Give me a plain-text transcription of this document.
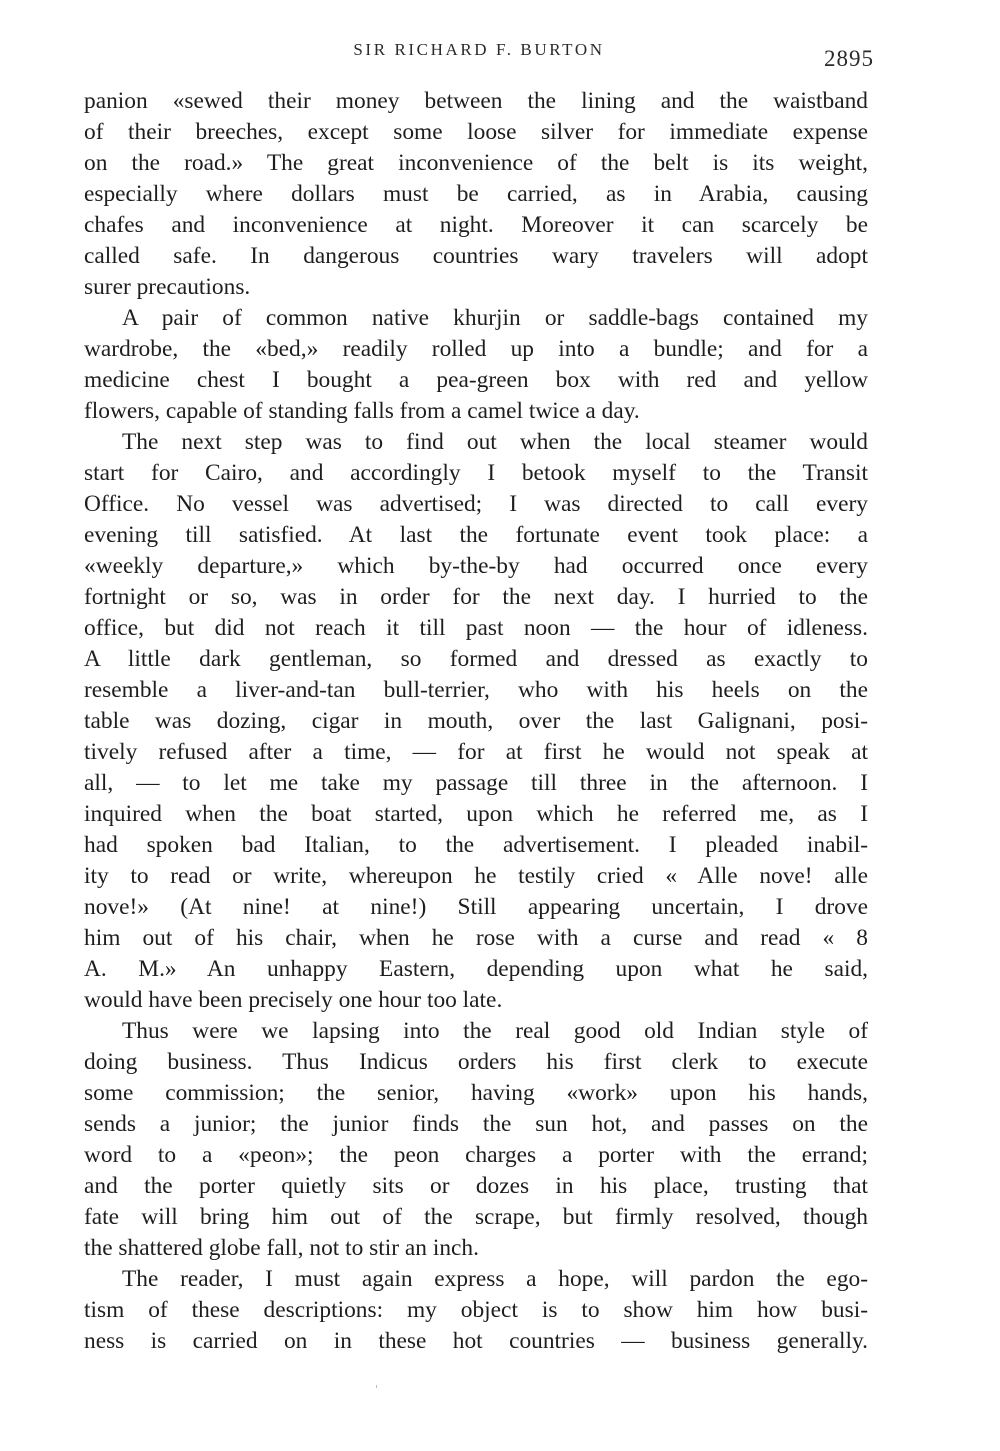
SIR RICHARD F. BURTON	2895
panion «sewed their money between the lining and the waistband
of their breeches, except some loose silver for immediate expense
on the road.» The great inconvenience of the belt is its weight,
especially where dollars must be carried, as in Arabia, causing
chafes and inconvenience at night. Moreover it can scarcely be
called safe. In dangerous countries wary travelers will adopt
surer precautions.
A pair of common native khurjin or saddle-bags contained my
wardrobe, the «bed,» readily rolled up into a bundle; and for a
medicine chest I bought a pea-green box with red and yellow
flowers, capable of standing falls from a camel twice a day.
The next step was to find out when the local steamer would
start for Cairo, and accordingly I betook myself to the Transit
Office. No vessel was advertised; I was directed to call every
evening till satisfied. At last the fortunate event took place: a
«weekly departure,» which by-the-by had occurred once every
fortnight or so, was in order for the next day. I hurried to the
office, but did not reach it till past noon — the hour of idleness.
A little dark gentleman, so formed and dressed as exactly to
resemble a liver-and-tan bull-terrier, who with his heels on the
table was dozing, cigar in mouth, over the last Galignani, posi-
tively refused after a time, — for at first he would not speak at
all, — to let me take my passage till three in the afternoon. I
inquired when the boat started, upon which he referred me, as I
had spoken bad Italian, to the advertisement. I pleaded inabil-
ity to read or write, whereupon he testily cried « Alle nove! alle
nove!» (At nine! at nine!) Still appearing uncertain, I drove
him out of his chair, when he rose with a curse and read « 8
A. M.» An unhappy Eastern, depending upon what he said,
would have been precisely one hour too late.
Thus were we lapsing into the real good old Indian style of
doing business. Thus Indicus orders his first clerk to execute
some commission; the senior, having «work» upon his hands,
sends a junior; the junior finds the sun hot, and passes on the
word to a «peon»; the peon charges a porter with the errand;
and the porter quietly sits or dozes in his place, trusting that
fate will bring him out of the scrape, but firmly resolved, though
the shattered globe fall, not to stir an inch.
The reader, I must again express a hope, will pardon the ego-
tism of these descriptions: my object is to show him how busi-
ness is carried on in these hot countries — business generally.
